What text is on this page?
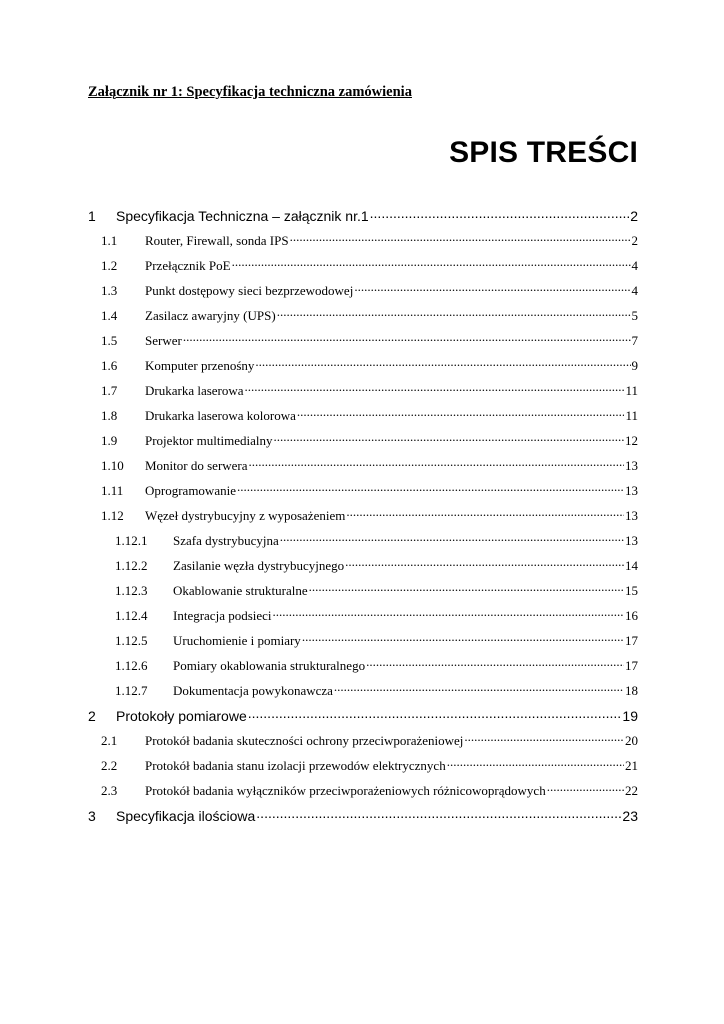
Załącznik nr 1: Specyfikacja techniczna zamówienia
SPIS TREŚCI
1	Specyfikacja Techniczna – załącznik nr.1 .....	2
1.1	Router, Firewall, sonda IPS .....	2
1.2	Przełącznik PoE .....	4
1.3	Punkt dostępowy sieci bezprzewodowej .....	4
1.4	Zasilacz awaryjny (UPS) .....	5
1.5	Serwer .....	7
1.6	Komputer przenośny .....	9
1.7	Drukarka laserowa .....	11
1.8	Drukarka laserowa kolorowa .....	11
1.9	Projektor multimedialny .....	12
1.10	Monitor do serwera .....	13
1.11	Oprogramowanie .....	13
1.12	Węzeł dystrybucyjny z wyposażeniem .....	13
1.12.1	Szafa dystrybucyjna .....	13
1.12.2	Zasilanie węzła dystrybucyjnego .....	14
1.12.3	Okablowanie strukturalne .....	15
1.12.4	Integracja podsieci .....	16
1.12.5	Uruchomienie i pomiary .....	17
1.12.6	Pomiary okablowania strukturalnego .....	17
1.12.7	Dokumentacja powykonawcza .....	18
2	Protokoły pomiarowe .....	19
2.1	Protokół badania skuteczności ochrony przeciwporażeniowej .....	20
2.2	Protokół badania stanu izolacji przewodów elektrycznych .....	21
2.3	Protokół badania wyłączników przeciwporażeniowych różnicowoprądowych .....	22
3	Specyfikacja ilościowa .....	23
